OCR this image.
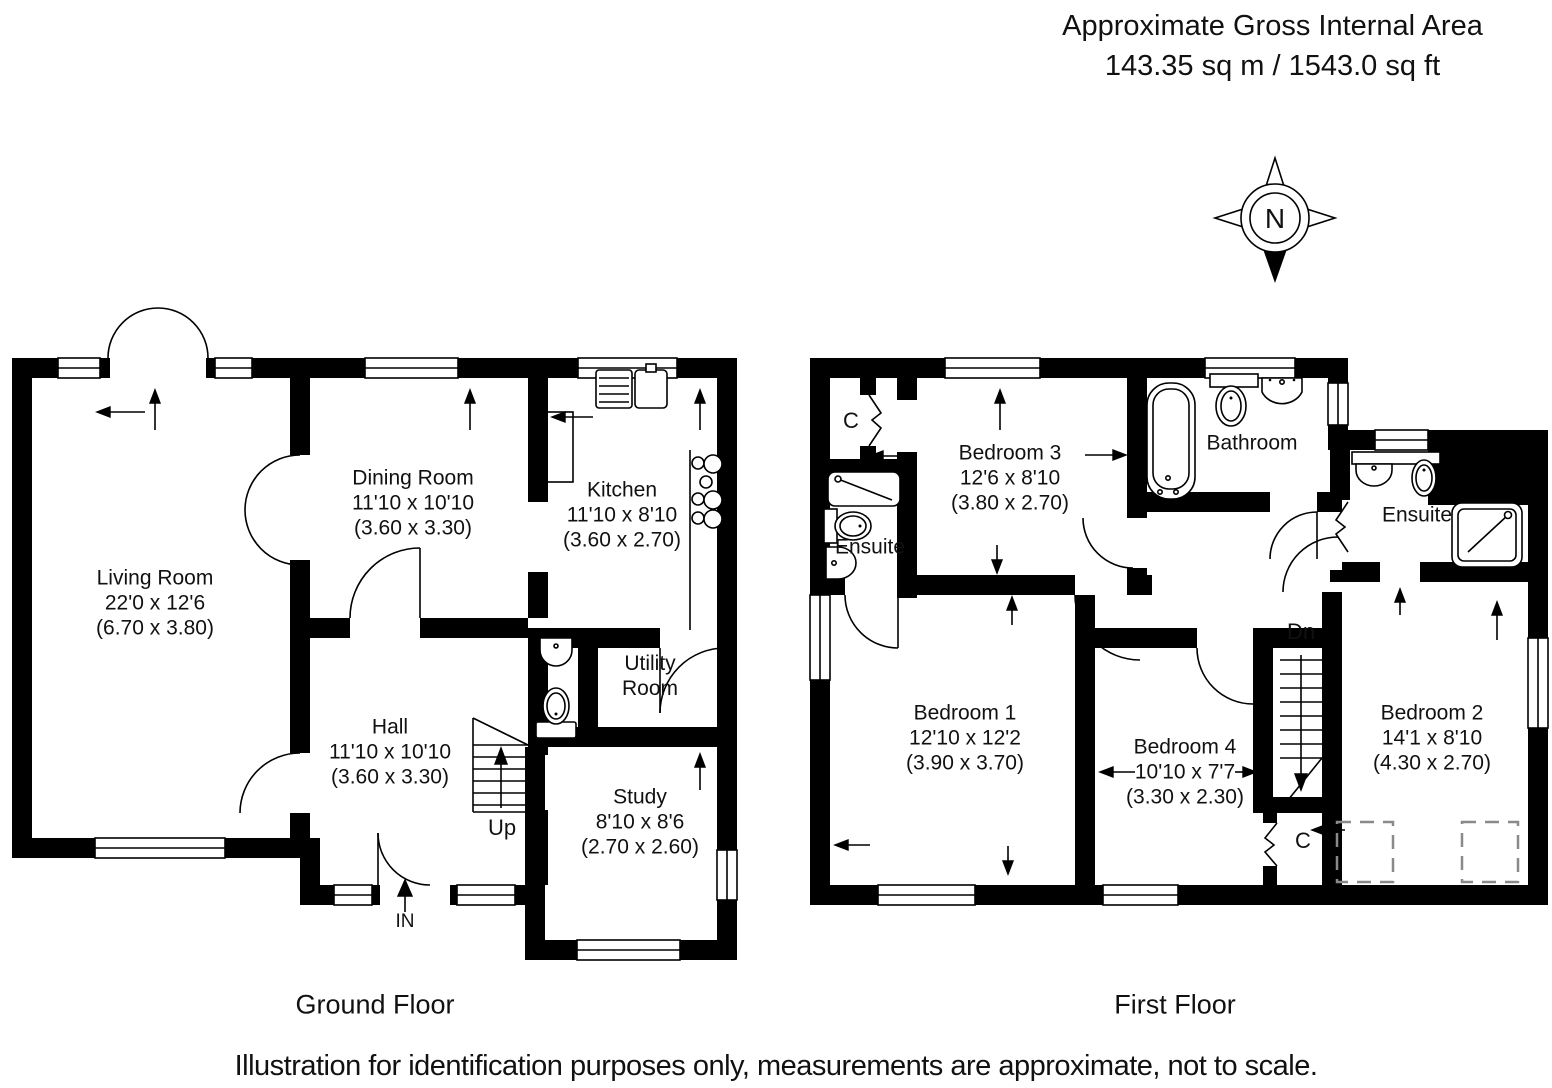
Approximate Gross Internal Area
143.35 sq m / 1543.0 sq ft
N
Living Room
22'0 x 12'6
(6.70 x 3.80)
Dining Room
11'10 x 10'10
(3.60 x 3.30)
Kitchen
11'10 x 8'10
(3.60 x 2.70)
Utility
Room
Hall
11'10 x 10'10
(3.60 x 3.30)
Study
8'10 x 8'6
(2.70 x 2.60)
Up
IN
Bedroom 3
12'6 x 8'10
(3.80 x 2.70)
Bathroom
Ensuite
Ensuite
Bedroom 1
12'10 x 12'2
(3.90 x 3.70)
Bedroom 4
10'10 x 7'7
(3.30 x 2.30)
Bedroom 2
14'1 x 8'10
(4.30 x 2.70)
Dn
C
C
Ground Floor	First Floor
Illustration for identification purposes only, measurements are approximate, not to scale.
